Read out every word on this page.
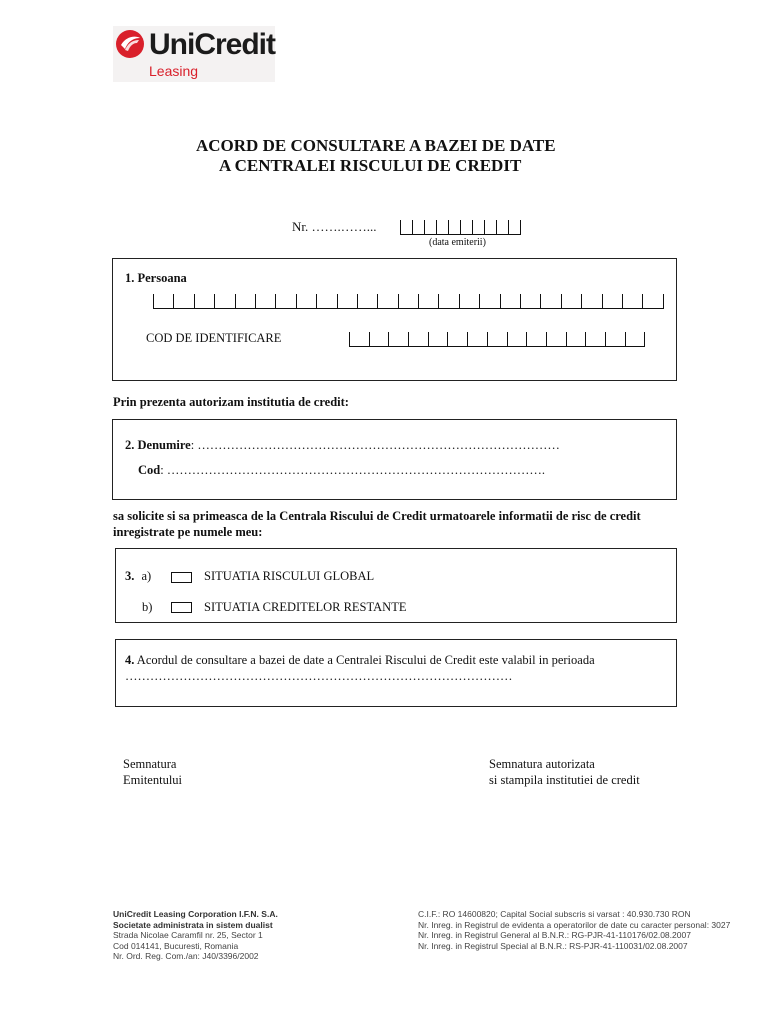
UniCredit
Leasing
ACORD DE CONSULTARE A BAZEI DE DATE
A CENTRALEI RISCULUI DE CREDIT
Nr. …….……...
(data emiterii)
1. Persoana
COD DE IDENTIFICARE
Prin prezenta autorizam institutia de credit:
2. Denumire: ……………………………………………………………………………
Cod: ……………………………………………………………………………….
sa solicite si sa primeasca de la Centrala Riscului de Credit urmatoarele informatii de risc de credit
inregistrate pe numele meu:
3. a)	SITUATIA RISCULUI GLOBAL
b)	SITUATIA CREDITELOR RESTANTE
4. Acordul de consultare a bazei de date a Centralei Riscului de Credit este valabil in perioada
…………………………………………………………………………………
Semnatura
Emitentului
Semnatura autorizata
si stampila institutiei de credit
UniCredit Leasing Corporation I.F.N. S.A.
Societate administrata in sistem dualist
Strada Nicolae Caramfil nr. 25, Sector 1
Cod 014141, Bucuresti, Romania
Nr. Ord. Reg. Com./an: J40/3396/2002
C.I.F.: RO 14600820; Capital Social subscris si varsat : 40.930.730 RON
Nr. Inreg. in Registrul de evidenta a operatorilor de date cu caracter personal: 3027
Nr. Inreg. in Registrul General al B.N.R.: RG-PJR-41-110176/02.08.2007
Nr. Inreg. in Registrul Special al B.N.R.: RS-PJR-41-110031/02.08.2007
